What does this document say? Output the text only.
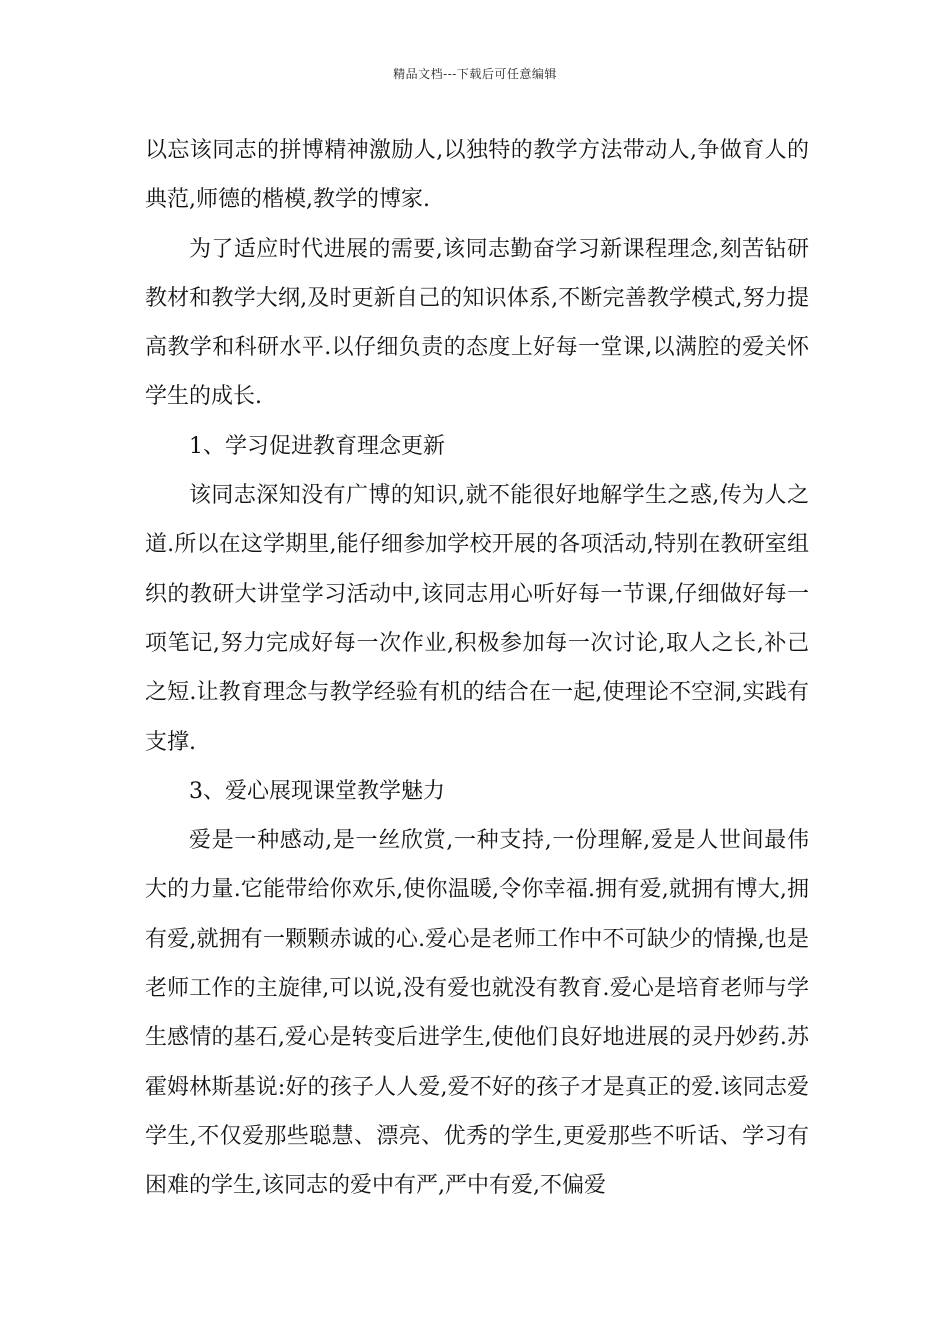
精品文档---下载后可任意编辑

以忘该同志的拼博精神激励人,以独特的教学方法带动人,争做育人的典范,师德的楷模,教学的博家.

为了适应时代进展的需要,该同志勤奋学习新课程理念,刻苦钻研教材和教学大纲,及时更新自己的知识体系,不断完善教学模式,努力提高教学和科研水平.以仔细负责的态度上好每一堂课,以满腔的爱关怀学生的成长.

1、学习促进教育理念更新

该同志深知没有广博的知识,就不能很好地解学生之惑,传为人之道.所以在这学期里,能仔细参加学校开展的各项活动,特别在教研室组织的教研大讲堂学习活动中,该同志用心听好每一节课,仔细做好每一项笔记,努力完成好每一次作业,积极参加每一次讨论,取人之长,补己之短.让教育理念与教学经验有机的结合在一起,使理论不空洞,实践有支撑.

3、爱心展现课堂教学魅力

爱是一种感动,是一丝欣赏,一种支持,一份理解,爱是人世间最伟大的力量.它能带给你欢乐,使你温暖,令你幸福.拥有爱,就拥有博大,拥有爱,就拥有一颗颗赤诚的心.爱心是老师工作中不可缺少的情操,也是老师工作的主旋律,可以说,没有爱也就没有教育.爱心是培育老师与学生感情的基石,爱心是转变后进学生,使他们良好地进展的灵丹妙药.苏霍姆林斯基说:好的孩子人人爱,爱不好的孩子才是真正的爱.该同志爱学生,不仅爱那些聪慧、漂亮、优秀的学生,更爱那些不听话、学习有困难的学生,该同志的爱中有严,严中有爱,不偏爱
